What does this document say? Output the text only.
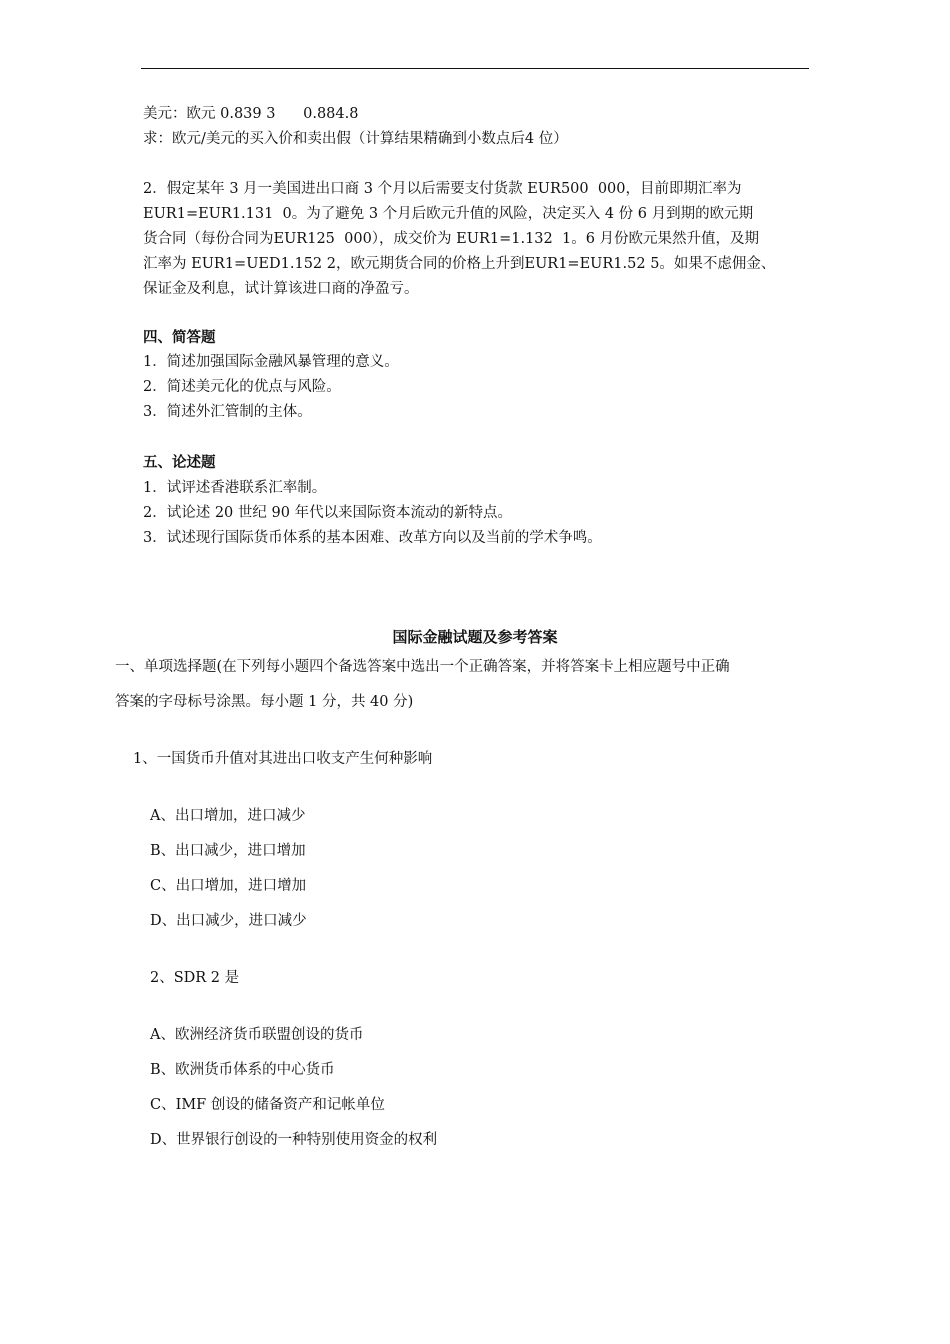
美元：欧元 0.839 3      0.884.8
求：欧元/美元的买入价和卖出假（计算结果精确到小数点后4 位）
2．假定某年 3 月一美国进出口商 3 个月以后需要支付货款 EUR500  000，目前即期汇率为
EUR1=EUR1.131  0。为了避免 3 个月后欧元升值的风险，决定买入 4 份 6 月到期的欧元期
货合同（每份合同为EUR125  000），成交价为 EUR1=1.132  1。6 月份欧元果然升值，及期
汇率为 EUR1=UED1.152 2，欧元期货合同的价格上升到EUR1=EUR1.52 5。如果不虑佣金、
保证金及利息，试计算该进口商的净盈亏。
四、简答题
1．简述加强国际金融风暴管理的意义。
2．简述美元化的优点与风险。
3．简述外汇管制的主体。
五、论述题
1．试评述香港联系汇率制。
2．试论述 20 世纪 90 年代以来国际资本流动的新特点。
3．试述现行国际货币体系的基本困难、改革方向以及当前的学术争鸣。
国际金融试题及参考答案
一、单项选择题(在下列每小题四个备选答案中选出一个正确答案，并将答案卡上相应题号中正确
答案的字母标号涂黑。每小题 1 分，共 40 分)
1、一国货币升值对其进出口收支产生何种影响
A、出口增加，进口减少
B、出口减少，进口增加
C、出口增加，进口增加
D、出口减少，进口减少
2、SDR 2 是
A、欧洲经济货币联盟创设的货币
B、欧洲货币体系的中心货币
C、IMF 创设的储备资产和记帐单位
D、世界银行创设的一种特别使用资金的权利
